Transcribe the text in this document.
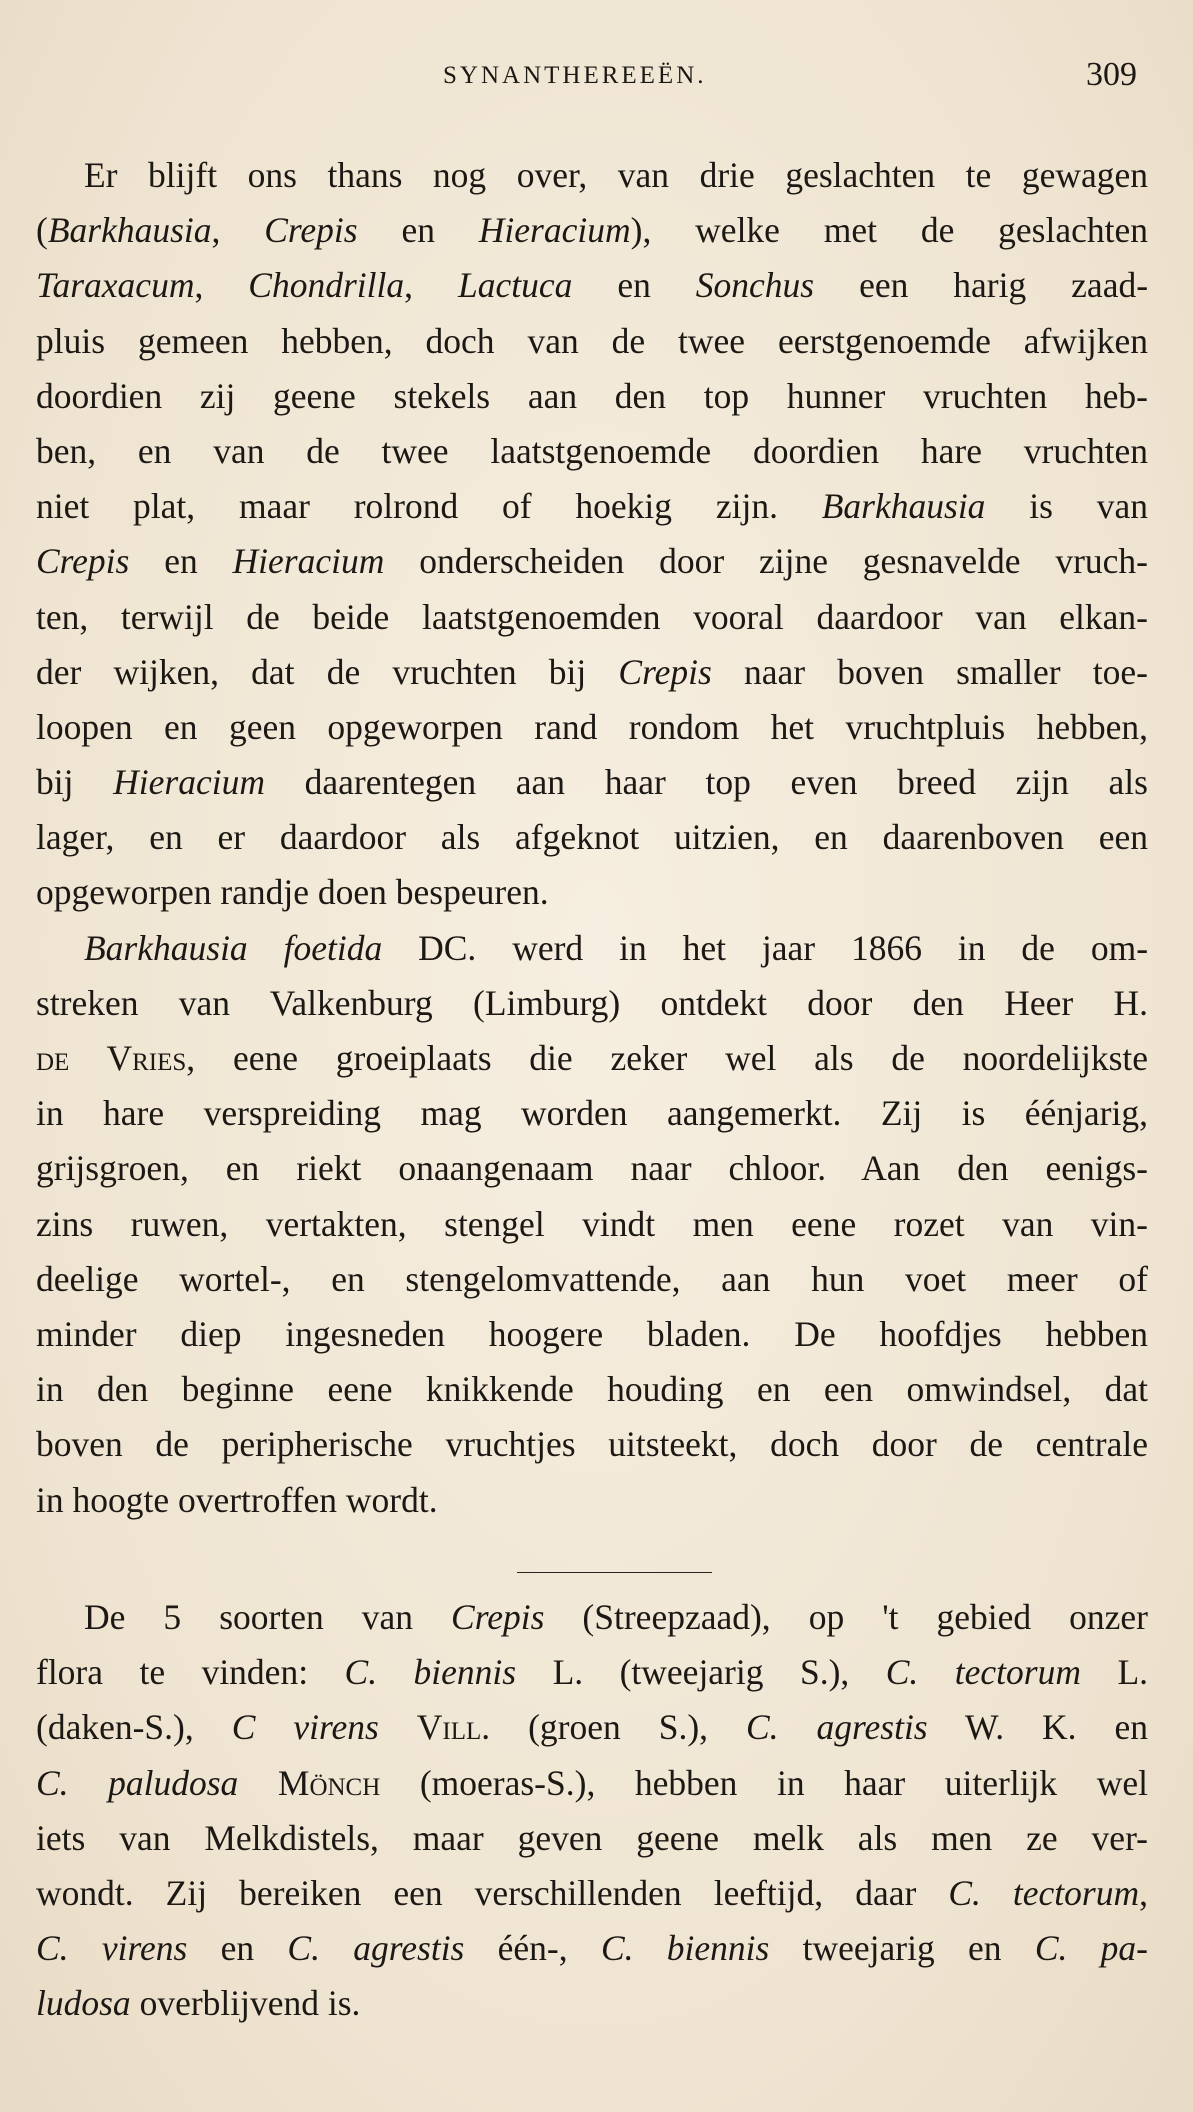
SYNANTHEREEËN.	309
Er blijft ons thans nog over, van drie geslachten te gewagen
(Barkhausia, Crepis en Hieracium), welke met de geslachten
Taraxacum, Chondrilla, Lactuca en Sonchus een harig zaad-
pluis gemeen hebben, doch van de twee eerstgenoemde afwijken
doordien zij geene stekels aan den top hunner vruchten heb-
ben, en van de twee laatstgenoemde doordien hare vruchten
niet plat, maar rolrond of hoekig zijn. Barkhausia is van
Crepis en Hieracium onderscheiden door zijne gesnavelde vruch-
ten, terwijl de beide laatstgenoemden vooral daardoor van elkan-
der wijken, dat de vruchten bij Crepis naar boven smaller toe-
loopen en geen opgeworpen rand rondom het vruchtpluis hebben,
bij Hieracium daarentegen aan haar top even breed zijn als
lager, en er daardoor als afgeknot uitzien, en daarenboven een
opgeworpen randje doen bespeuren.
Barkhausia foetida DC. werd in het jaar 1866 in de om-
streken van Valkenburg (Limburg) ontdekt door den Heer H.
de Vries, eene groeiplaats die zeker wel als de noordelijkste
in hare verspreiding mag worden aangemerkt. Zij is éénjarig,
grijsgroen, en riekt onaangenaam naar chloor. Aan den eenigs-
zins ruwen, vertakten, stengel vindt men eene rozet van vin-
deelige wortel-, en stengelomvattende, aan hun voet meer of
minder diep ingesneden hoogere bladen. De hoofdjes hebben
in den beginne eene knikkende houding en een omwindsel, dat
boven de peripherische vruchtjes uitsteekt, doch door de centrale
in hoogte overtroffen wordt.
De 5 soorten van Crepis (Streepzaad), op 't gebied onzer
flora te vinden: C. biennis L. (tweejarig S.), C. tectorum L.
(daken-S.), C virens Vill. (groen S.), C. agrestis W. K. en
C. paludosa Mönch (moeras-S.), hebben in haar uiterlijk wel
iets van Melkdistels, maar geven geene melk als men ze ver-
wondt. Zij bereiken een verschillenden leeftijd, daar C. tectorum,
C. virens en C. agrestis één-, C. biennis tweejarig en C. pa-
ludosa overblijvend is.
